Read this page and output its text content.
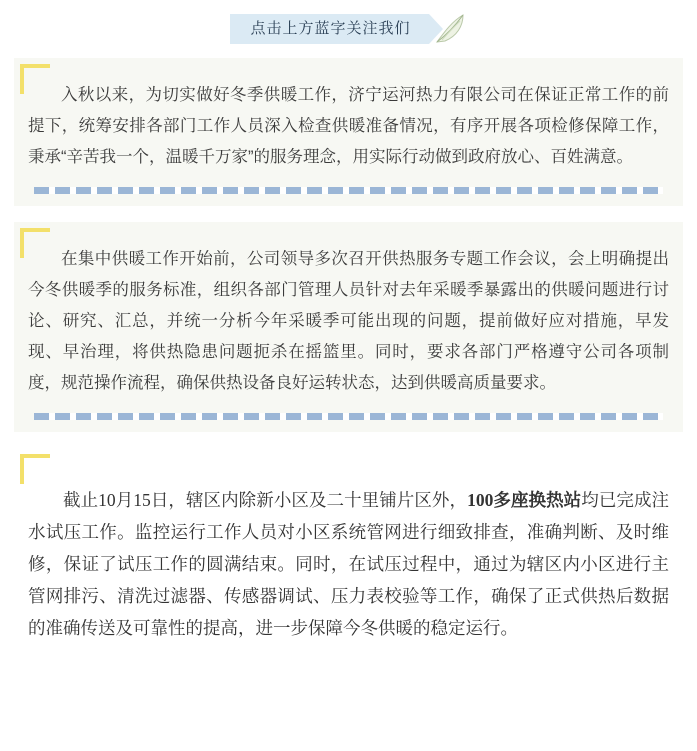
点击上方蓝字关注我们

入秋以来，为切实做好冬季供暖工作，济宁运河热力有限公司在保证正常工作的前提下，统筹安排各部门工作人员深入检查供暖准备情况，有序开展各项检修保障工作，秉承“辛苦我一个，温暖千万家”的服务理念，用实际行动做到政府放心、百姓满意。

在集中供暖工作开始前，公司领导多次召开供热服务专题工作会议，会上明确提出今冬供暖季的服务标准，组织各部门管理人员针对去年采暖季暴露出的供暖问题进行讨论、研究、汇总，并统一分析今年采暖季可能出现的问题，提前做好应对措施，早发现、早治理，将供热隐患问题扼杀在摇篮里。同时，要求各部门严格遵守公司各项制度，规范操作流程，确保供热设备良好运转状态，达到供暖高质量要求。

截止10月15日，辖区内除新小区及二十里铺片区外，100多座换热站均已完成注水试压工作。监控运行工作人员对小区系统管网进行细致排查，准确判断、及时维修，保证了试压工作的圆满结束。同时，在试压过程中，通过为辖区内小区进行主管网排污、清洗过滤器、传感器调试、压力表校验等工作，确保了正式供热后数据的准确传送及可靠性的提高，进一步保障今冬供暖的稳定运行。
